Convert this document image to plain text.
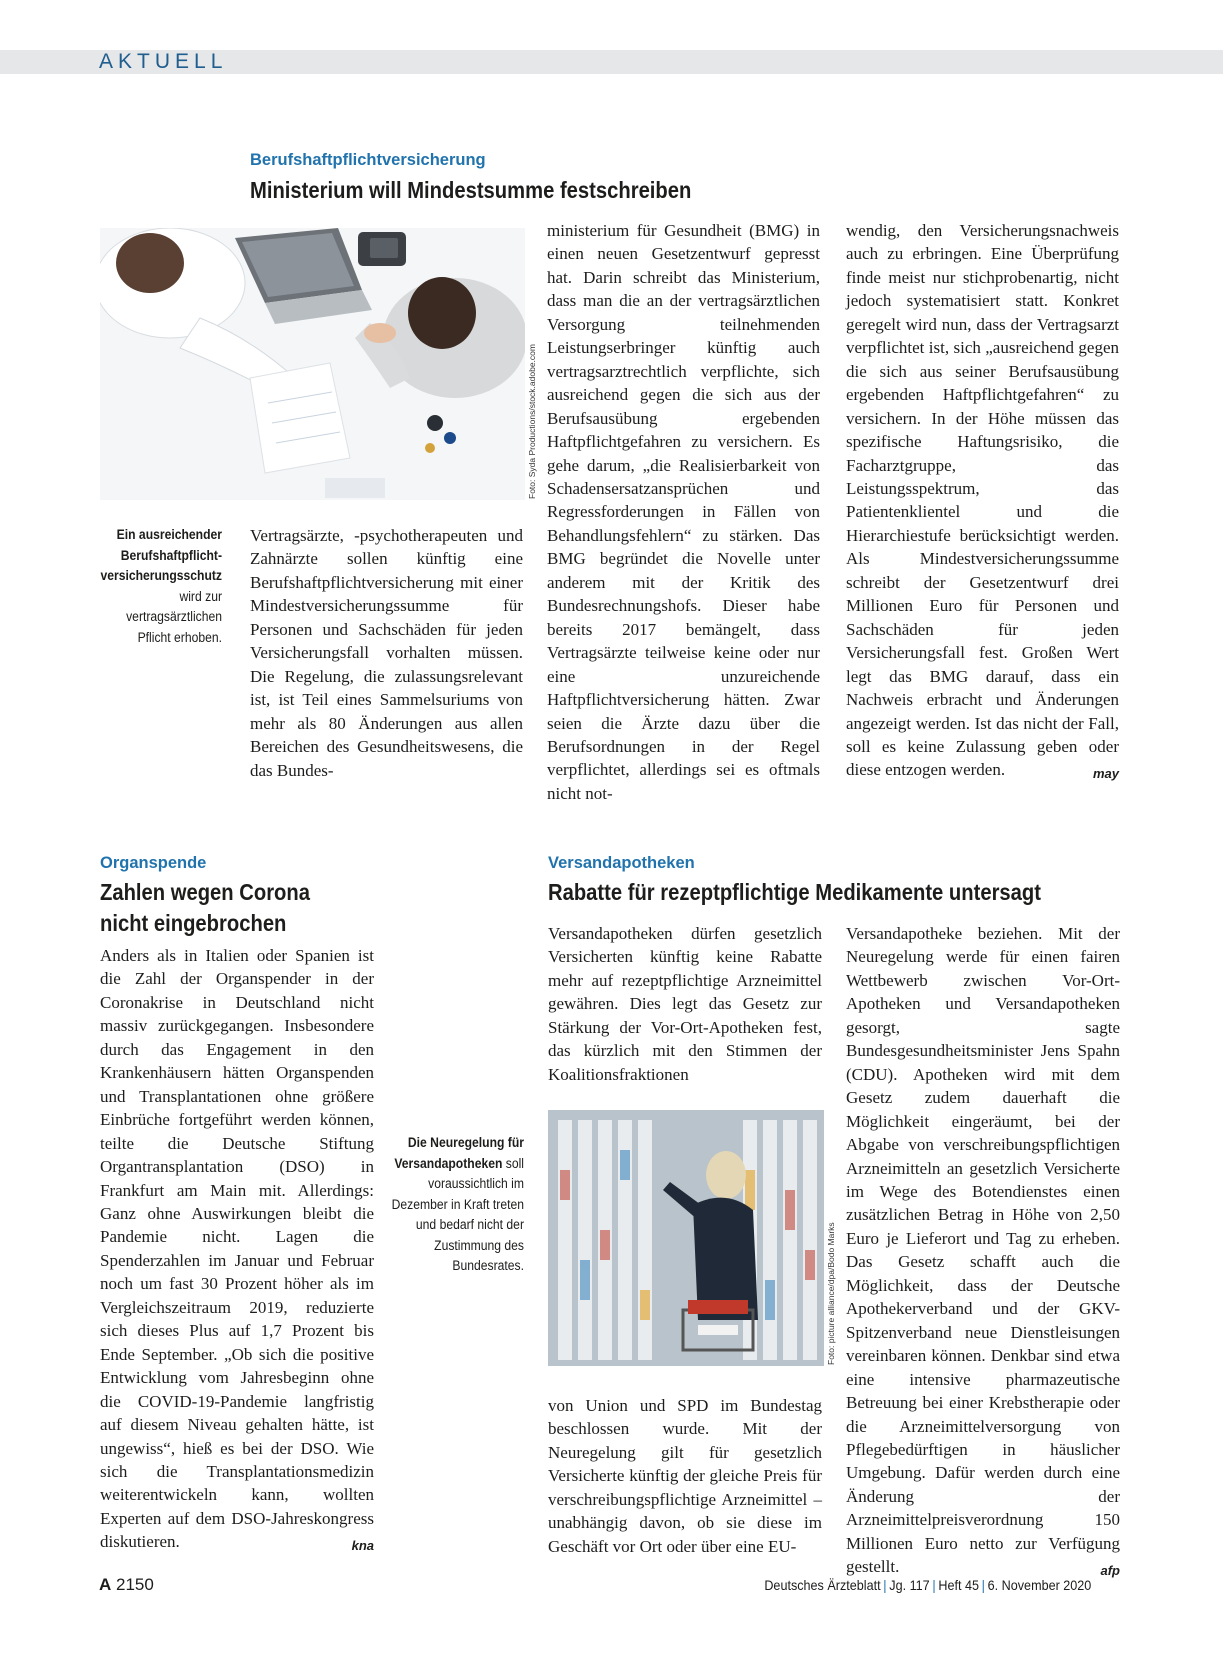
AKTUELL
Berufshaftpflichtversicherung
Ministerium will Mindestsumme festschreiben
Foto: Syda Productions/stock.adobe.com
Ein ausreichender Berufshaftpflichtversicherungsschutz wird zur vertragsärztlichen Pflicht erhoben.
Vertragsärzte, -psychotherapeuten und Zahnärzte sollen künftig eine Berufshaftpflichtversicherung mit einer Mindestversicherungssumme für Personen und Sachschäden für jeden Versicherungsfall vorhalten müssen. Die Regelung, die zulassungsrelevant ist, ist Teil eines Sammelsuriums von mehr als 80 Änderungen aus allen Bereichen des Gesundheitswesens, die das Bundes-
ministerium für Gesundheit (BMG) in einen neuen Gesetzentwurf gepresst hat. Darin schreibt das Ministerium, dass man die an der vertragsärztlichen Versorgung teilnehmenden Leistungserbringer künftig auch vertragsarztrechtlich verpflichte, sich ausreichend gegen die sich aus der Berufsausübung ergebenden Haftpflichtgefahren zu versichern. Es gehe darum, „die Realisierbarkeit von Schadensersatzansprüchen und Regressforderungen in Fällen von Behandlungsfehlern“ zu stärken. Das BMG begründet die Novelle unter anderem mit der Kritik des Bundesrechnungshofs. Dieser habe bereits 2017 bemängelt, dass Vertragsärzte teilweise keine oder nur eine unzureichende Haftpflichtversicherung hätten. Zwar seien die Ärzte dazu über die Berufsordnungen in der Regel verpflichtet, allerdings sei es oftmals nicht not-
wendig, den Versicherungsnachweis auch zu erbringen. Eine Überprüfung finde meist nur stichprobenartig, nicht jedoch systematisiert statt. Konkret geregelt wird nun, dass der Vertragsarzt verpflichtet ist, sich „ausreichend gegen die sich aus seiner Berufsausübung ergebenden Haftpflichtgefahren“ zu versichern. In der Höhe müssen das spezifische Haftungsrisiko, die Facharztgruppe, das Leistungsspektrum, das Patientenklientel und die Hierarchiestufe berücksichtigt werden. Als Mindestversicherungssumme schreibt der Gesetzentwurf drei Millionen Euro für Personen und Sachschäden für jeden Versicherungsfall fest. Großen Wert legt das BMG darauf, dass ein Nachweis erbracht und Änderungen angezeigt werden. Ist das nicht der Fall, soll es keine Zulassung geben oder diese entzogen werden.	may
Organspende
Zahlen wegen Corona
nicht eingebrochen
Anders als in Italien oder Spanien ist die Zahl der Organspender in der Coronakrise in Deutschland nicht massiv zurückgegangen. Insbesondere durch das Engagement in den Krankenhäusern hätten Organspenden und Transplantationen ohne größere Einbrüche fortgeführt werden können, teilte die Deutsche Stiftung Organtransplantation (DSO) in Frankfurt am Main mit. Allerdings: Ganz ohne Auswirkungen bleibt die Pandemie nicht. Lagen die Spenderzahlen im Januar und Februar noch um fast 30 Prozent höher als im Vergleichszeitraum 2019, reduzierte sich dieses Plus auf 1,7 Prozent bis Ende September. „Ob sich die positive Entwicklung vom Jahresbeginn ohne die COVID-19-Pandemie langfristig auf diesem Niveau gehalten hätte, ist ungewiss“, hieß es bei der DSO. Wie sich die Transplantationsmedizin weiterentwickeln kann, wollten Experten auf dem DSO-Jahreskongress diskutieren.	kna
Versandapotheken
Rabatte für rezeptpflichtige Medikamente untersagt
Versandapotheken dürfen gesetzlich Versicherten künftig keine Rabatte mehr auf rezeptpflichtige Arzneimittel gewähren. Dies legt das Gesetz zur Stärkung der Vor-Ort-Apotheken fest, das kürzlich mit den Stimmen der Koalitionsfraktionen
Foto: picture alliance/dpa/Bodo Marks
Die Neuregelung für Versandapotheken soll voraussichtlich im Dezember in Kraft treten und bedarf nicht der Zustimmung des Bundesrates.
von Union und SPD im Bundestag beschlossen wurde. Mit der Neuregelung gilt für gesetzlich Versicherte künftig der gleiche Preis für verschreibungspflichtige Arzneimittel – unabhängig davon, ob sie diese im Geschäft vor Ort oder über eine EU-
Versandapotheke beziehen. Mit der Neuregelung werde für einen fairen Wettbewerb zwischen Vor-Ort-Apotheken und Versandapotheken gesorgt, sagte Bundesgesundheitsminister Jens Spahn (CDU). Apotheken wird mit dem Gesetz zudem dauerhaft die Möglichkeit eingeräumt, bei der Abgabe von verschreibungspflichtigen Arzneimitteln an gesetzlich Versicherte im Wege des Botendienstes einen zusätzlichen Betrag in Höhe von 2,50 Euro je Lieferort und Tag zu erheben. Das Gesetz schafft auch die Möglichkeit, dass der Deutsche Apothekerverband und der GKV-Spitzenverband neue Dienstleisungen vereinbaren können. Denkbar sind etwa eine intensive pharmazeutische Betreuung bei einer Krebstherapie oder die Arzneimittelversorgung von Pflegebedürftigen in häuslicher Umgebung. Dafür werden durch eine Änderung der Arzneimittelpreisverordnung 150 Millionen Euro netto zur Verfügung gestellt.	afp
A 2150	Deutsches Ärzteblatt | Jg. 117 | Heft 45 | 6. November 2020
